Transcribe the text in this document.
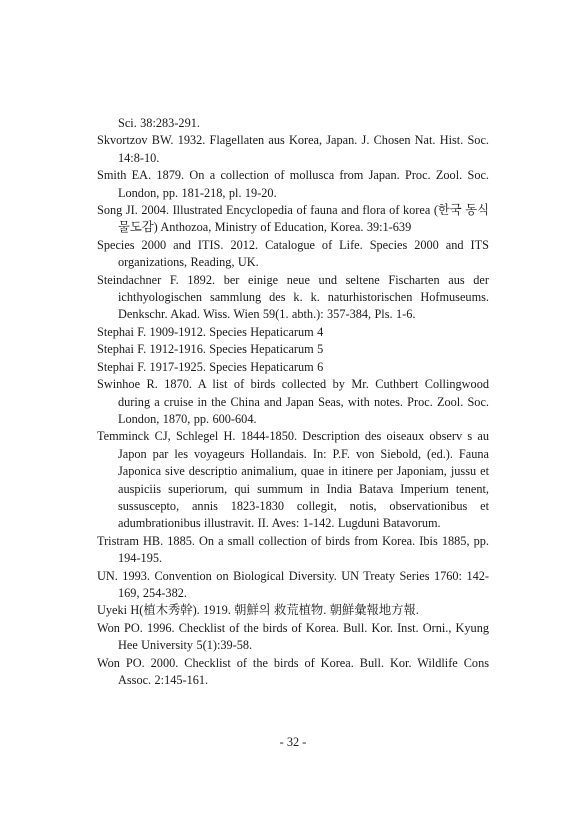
Sci. 38:283-291.
Skvortzov BW. 1932. Flagellaten aus Korea, Japan. J. Chosen Nat. Hist. Soc. 14:8-10.
Smith EA. 1879. On a collection of mollusca from Japan. Proc. Zool. Soc. London, pp. 181-218, pl. 19-20.
Song JI. 2004. Illustrated Encyclopedia of fauna and flora of korea (한국 동식물도감) Anthozoa, Ministry of Education, Korea. 39:1-639
Species 2000 and ITIS. 2012. Catalogue of Life. Species 2000 and ITS organizations, Reading, UK.
Steindachner F. 1892. ber einige neue und seltene Fischarten aus der ichthyologischen sammlung des k. k. naturhistorischen Hofmuseums. Denkschr. Akad. Wiss. Wien 59(1. abth.): 357-384, Pls. 1-6.
Stephai F. 1909-1912. Species Hepaticarum 4
Stephai F. 1912-1916. Species Hepaticarum 5
Stephai F. 1917-1925. Species Hepaticarum 6
Swinhoe R. 1870. A list of birds collected by Mr. Cuthbert Collingwood during a cruise in the China and Japan Seas, with notes. Proc. Zool. Soc. London, 1870, pp. 600-604.
Temminck CJ, Schlegel H. 1844-1850. Description des oiseaux observ s au Japon par les voyageurs Hollandais. In: P.F. von Siebold, (ed.). Fauna Japonica sive descriptio animalium, quae in itinere per Japoniam, jussu et auspiciis superiorum, qui summum in India Batava Imperium tenent, sussuscepto, annis 1823-1830 collegit, notis, observationibus et adumbrationibus illustravit. II. Aves: 1-142. Lugduni Batavorum.
Tristram HB. 1885. On a small collection of birds from Korea. Ibis 1885, pp. 194-195.
UN. 1993. Convention on Biological Diversity. UN Treaty Series 1760: 142-169, 254-382.
Uyeki H(植木秀幹). 1919. 朝鮮의 救荒植物. 朝鮮彙報地方報.
Won PO. 1996. Checklist of the birds of Korea. Bull. Kor. Inst. Orni., Kyung Hee University 5(1):39-58.
Won PO. 2000. Checklist of the birds of Korea. Bull. Kor. Wildlife Cons Assoc. 2:145-161.
- 32 -
